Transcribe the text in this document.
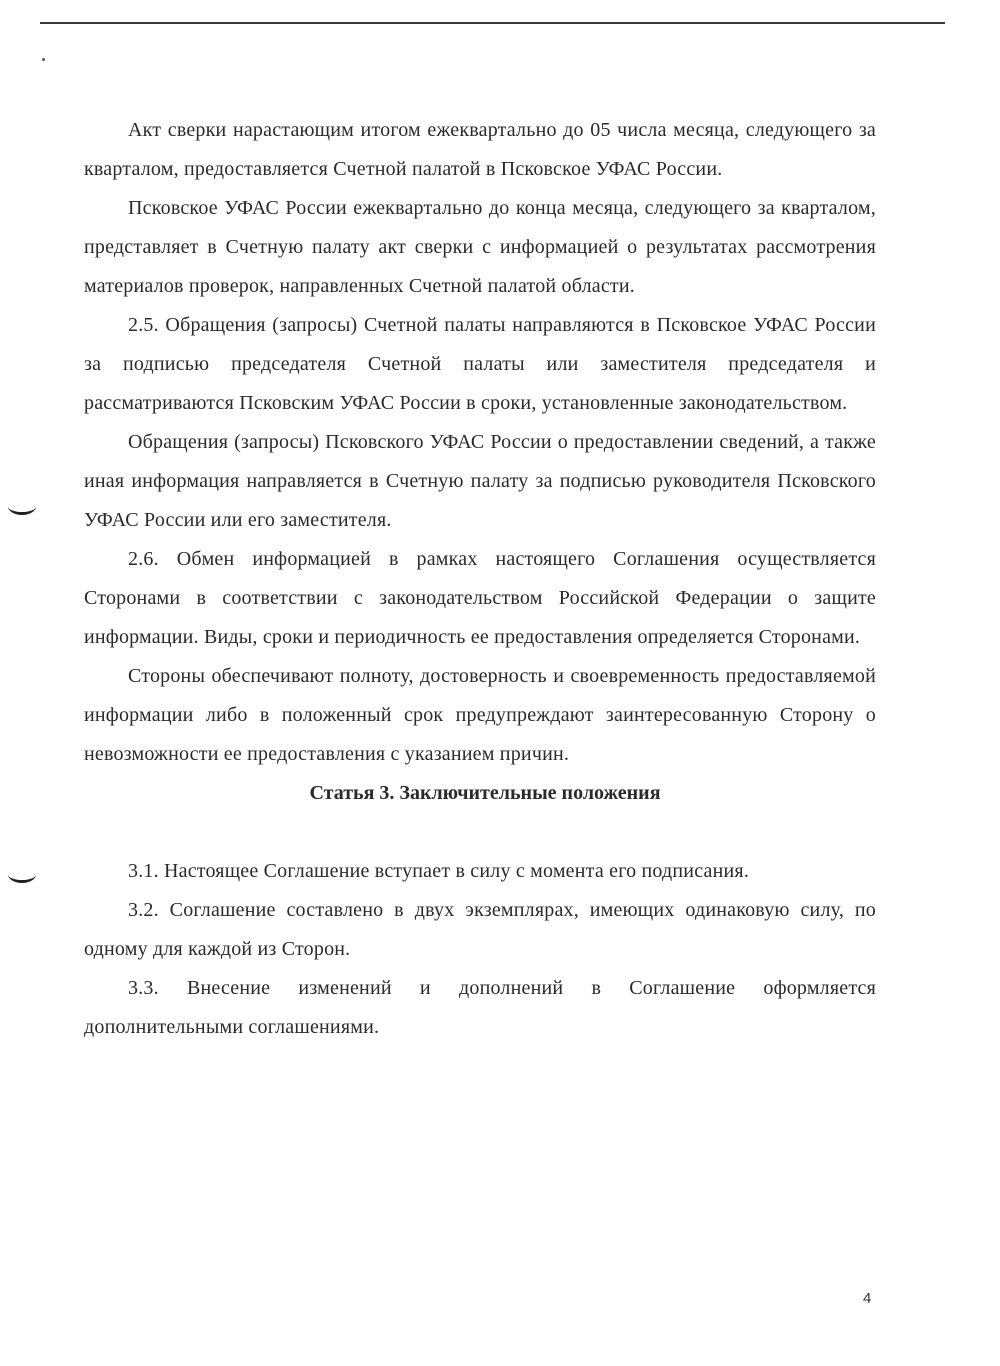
Акт сверки нарастающим итогом ежеквартально до 05 числа месяца, следующего за кварталом, предоставляется Счетной палатой в Псковское УФАС России.

Псковское УФАС России ежеквартально до конца месяца, следующего за кварталом, представляет в Счетную палату акт сверки с информацией о результатах рассмотрения материалов проверок, направленных Счетной палатой области.

2.5. Обращения (запросы) Счетной палаты направляются в Псковское УФАС России за подписью председателя Счетной палаты или заместителя председателя и рассматриваются Псковским УФАС России в сроки, установленные законодательством.

Обращения (запросы) Псковского УФАС России о предоставлении сведений, а также иная информация направляется в Счетную палату за подписью руководителя Псковского УФАС России или его заместителя.

2.6. Обмен информацией в рамках настоящего Соглашения осуществляется Сторонами в соответствии с законодательством Российской Федерации о защите информации. Виды, сроки и периодичность ее предоставления определяется Сторонами.

Стороны обеспечивают полноту, достоверность и своевременность предоставляемой информации либо в положенный срок предупреждают заинтересованную Сторону о невозможности ее предоставления с указанием причин.

Статья 3. Заключительные положения

3.1. Настоящее Соглашение вступает в силу с момента его подписания.

3.2. Соглашение составлено в двух экземплярах, имеющих одинаковую силу, по одному для каждой из Сторон.

3.3. Внесение изменений и дополнений в Соглашение оформляется дополнительными соглашениями.

4
